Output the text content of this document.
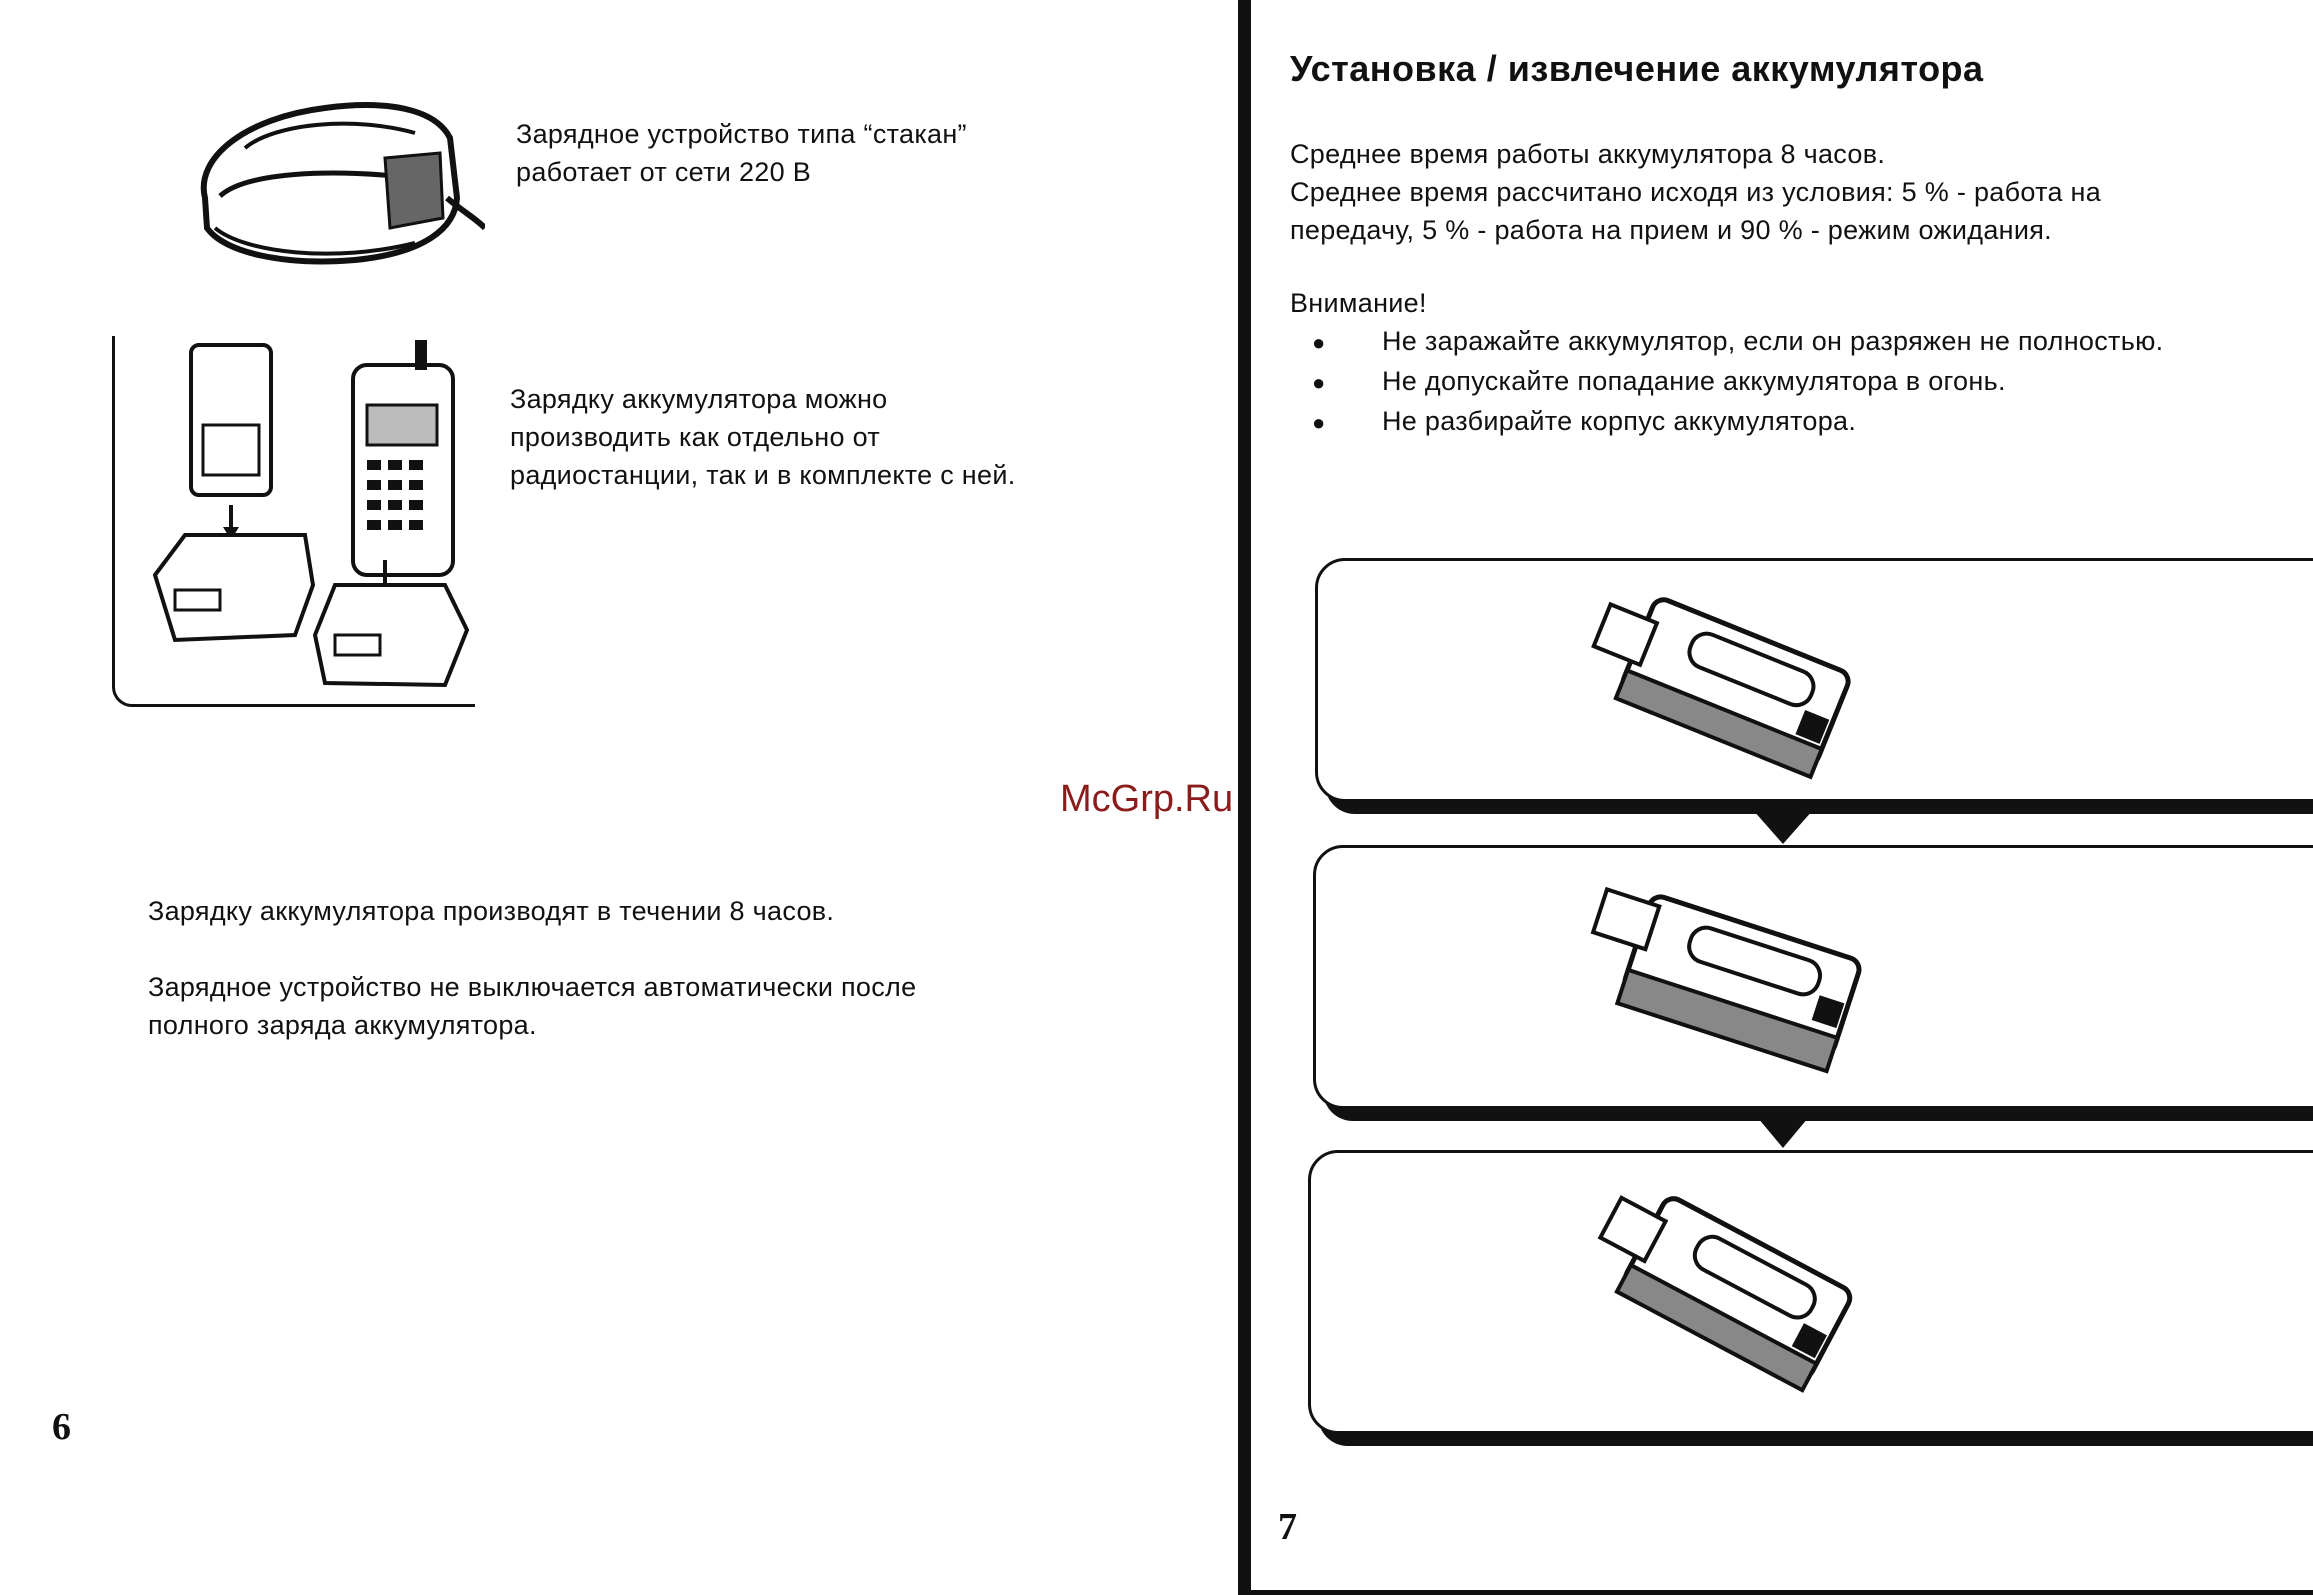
Зарядное устройство типа “стакан”
работает от сети 220 В
Зарядку аккумулятора можно
производить как отдельно от
радиостанции, так и в комплекте с ней.
Зарядку аккумулятора производят в течении 8 часов.
Зарядное устройство не выключается автоматически после
полного заряда аккумулятора.
6
McGrp.Ru
Установка / извлечение аккумулятора
Среднее время работы аккумулятора 8 часов.
Среднее время рассчитано исходя из условия: 5 % - работа на
передачу, 5 % - работа на прием и 90 % - режим ожидания.
Внимание!
●	Не заражайте аккумулятор, если он разряжен не полностью.
●	Не допускайте попадание аккумулятора в огонь.
●	Не разбирайте корпус аккумулятора.
7
